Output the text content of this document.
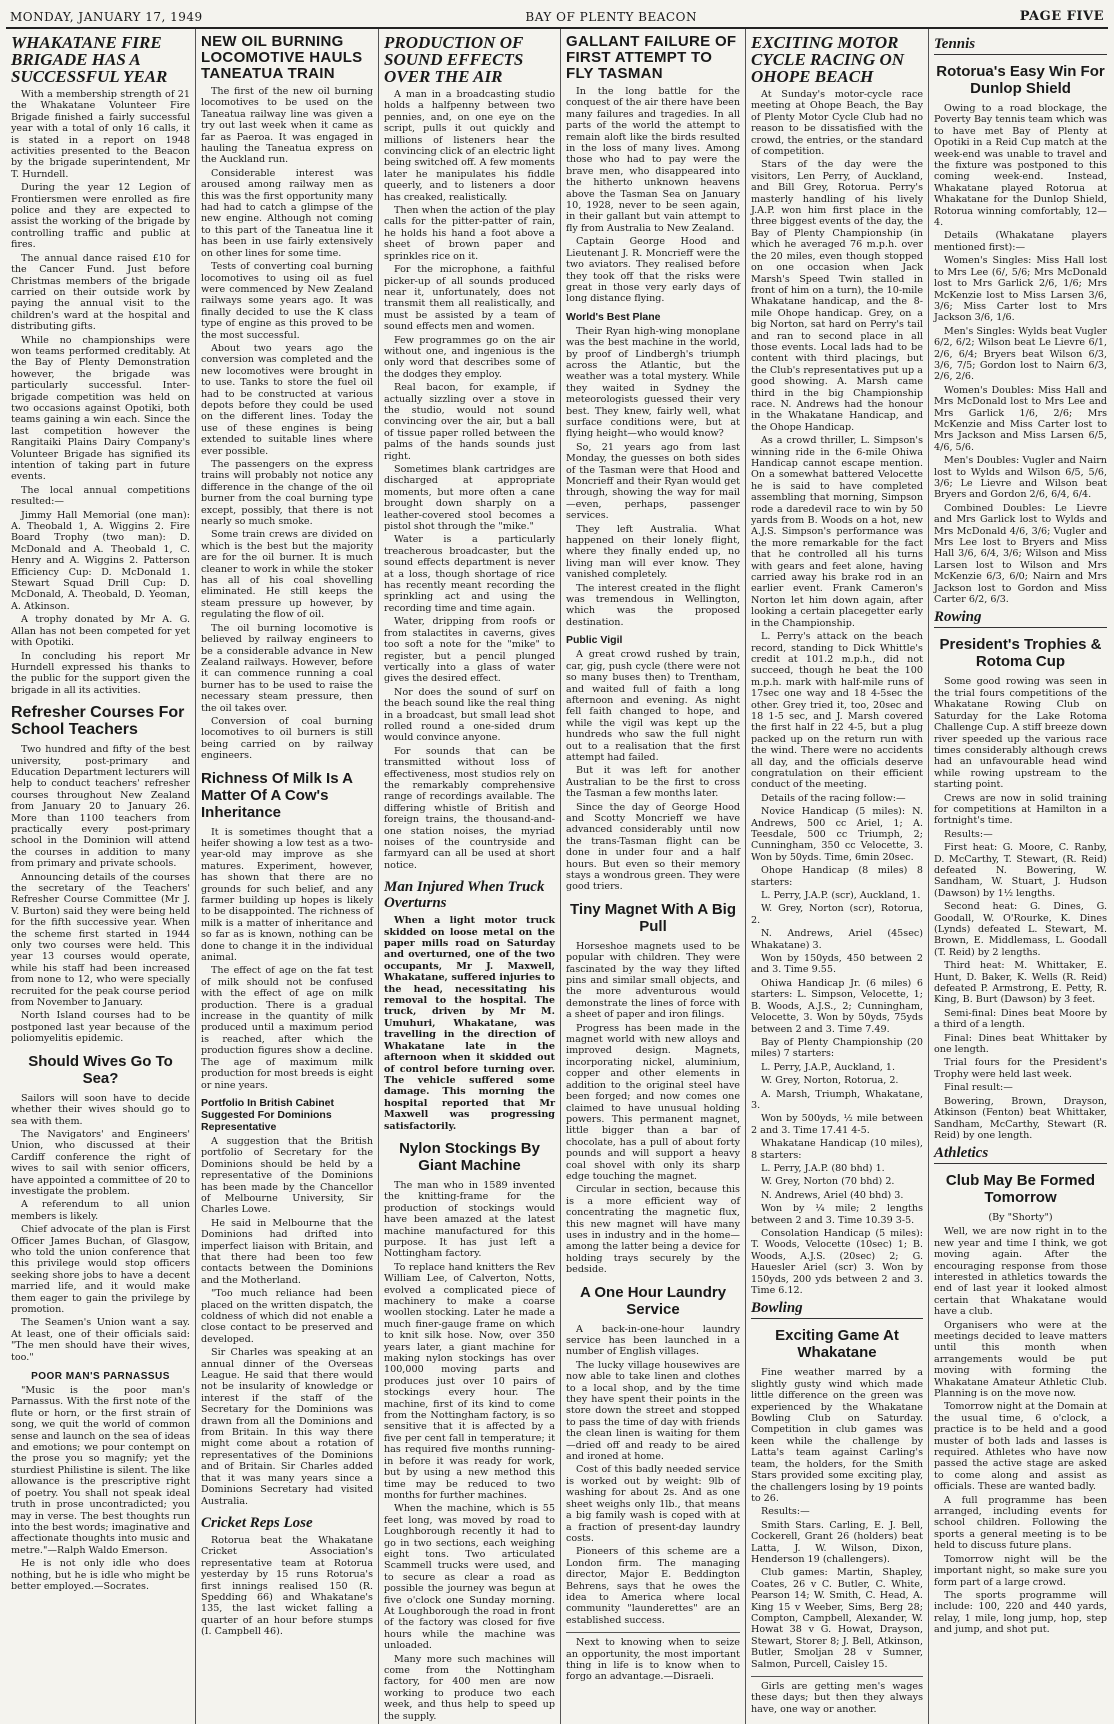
MONDAY, JANUARY 17, 1949	BAY OF PLENTY BEACON	PAGE FIVE
WHAKATANE FIRE BRIGADE HAS A SUCCESSFUL YEAR

With a membership strength of 21 the Whakatane Volunteer Fire Brigade finished a fairly successful year with a total of only 16 calls, it is stated in a report on 1948 activities presented to the Beacon by the brigade superintendent, Mr T. Hurndell.

During the year 12 Legion of Frontiersmen were enrolled as fire police and they are expected to assist the working of the brigade by controlling traffic and public at fires.

The annual dance raised £10 for the Cancer Fund. Just before Christmas members of the brigade carried on their outside work by paying the annual visit to the children's ward at the hospital and distributing gifts.

While no championships were won teams performed creditably. At the Bay of Plenty Demonstration however, the brigade was particularly successful. Inter-brigade competition was held on two occasions against Opotiki, both teams gaining a win each. Since the last competition however the Rangitaiki Plains Dairy Company's Volunteer Brigade has signified its intention of taking part in future events.

The local annual competitions resulted:—

Jimmy Hall Memorial (one man): A. Theobald 1, A. Wiggins 2. Fire Board Trophy (two man): D. McDonald and A. Theobald 1, C. Henry and A. Wiggins 2. Patterson Efficiency Cup: D. McDonald 1. Stewart Squad Drill Cup: D. McDonald, A. Theobald, D. Yeoman, A. Atkinson.

A trophy donated by Mr A. G. Allan has not been competed for yet with Opotiki.

In concluding his report Mr Hurndell expressed his thanks to the public for the support given the brigade in all its activities.

Refresher Courses For School Teachers

Two hundred and fifty of the best university, post-primary and Education Department lecturers will help to conduct teachers' refresher courses throughout New Zealand from January 20 to January 26. More than 1100 teachers from practically every post-primary school in the Dominion will attend the courses in addition to many from primary and private schools.

Announcing details of the courses the secretary of the Teachers' Refresher Course Committee (Mr J. V. Burton) said they were being held for the fifth successive year. When the scheme first started in 1944 only two courses were held. This year 13 courses would operate, while his staff had been increased from none to 12, who were specially recruited for the peak course period from November to January.

North Island courses had to be postponed last year because of the poliomyelitis epidemic.

Should Wives Go To Sea?

Sailors will soon have to decide whether their wives should go to sea with them.

The Navigators' and Engineers' Union, who discussed at their Cardiff conference the right of wives to sail with senior officers, have appointed a committee of 20 to investigate the problem.

A referendum to all union members is likely.

Chief advocate of the plan is First Officer James Buchan, of Glasgow, who told the union conference that this privilege would stop officers seeking shore jobs to have a decent married life, and it would make them eager to gain the privilege by promotion.

The Seamen's Union want a say. At least, one of their officials said: "The men should have their wives, too."

POOR MAN'S PARNASSUS

"Music is the poor man's Parnassus. With the first note of the flute or horn, or the first strain of song, we quit the world of common sense and launch on the sea of ideas and emotions; we pour contempt on the prose you so magnify; yet the sturdiest Philistine is silent. The like allowance is the prescriptive right of poetry. You shall not speak ideal truth in prose uncontradicted; you may in verse. The best thoughts run into the best words; imaginative and affectionate thoughts into music and metre."—Ralph Waldo Emerson.

He is not only idle who does nothing, but he is idle who might be better employed.—Socrates.

NEW OIL BURNING LOCOMOTIVE HAULS TANEATUA TRAIN

The first of the new oil burning locomotives to be used on the Taneatua railway line was given a try out last week when it came as far as Paeroa. It was engaged in hauling the Taneatua express on the Auckland run.

Considerable interest was aroused among railway men as this was the first opportunity many had had to catch a glimpse of the new engine. Although not coming to this part of the Taneatua line it has been in use fairly extensively on other lines for some time.

Tests of converting coal burning locomotives to using oil as fuel were commenced by New Zealand railways some years ago. It was finally decided to use the K class type of engine as this proved to be the most successful.

About two years ago the conversion was completed and the new locomotives were brought in to use. Tanks to store the fuel oil had to be constructed at various depots before they could be used on the different lines. Today the use of these engines is being extended to suitable lines where ever possible.

The passengers on the express trains will probably not notice any difference in the change of the oil burner from the coal burning type except, possibly, that there is not nearly so much smoke.

Some train crews are divided on which is the best but the majority are for the oil burner. It is much cleaner to work in while the stoker has all of his coal shovelling eliminated. He still keeps the steam pressure up however, by regulating the flow of oil.

The oil burning locomotive is believed by railway engineers to be a considerable advance in New Zealand railways. However, before it can commence running a coal burner has to be used to raise the necessary steam pressure, then the oil takes over.

Conversion of coal burning locomotives to oil burners is still being carried on by railway engineers.

Richness Of Milk Is A Matter Of A Cow's Inheritance

It is sometimes thought that a heifer showing a low test as a two-year-old may improve as she matures. Experiment, however, has shown that there are no grounds for such belief, and any farmer building up hopes is likely to be disappointed. The richness of milk is a matter of inheritance and so far as is known, nothing can be done to change it in the individual animal.

The effect of age on the fat test of milk should not be confused with the effect of age on milk production. There is a gradual increase in the quantity of milk produced until a maximum period is reached, after which the production figures show a decline. The age of maximum milk production for most breeds is eight or nine years.

Portfolio In British Cabinet Suggested For Dominions Representative

A suggestion that the British portfolio of Secretary for the Dominions should be held by a representative of the Dominions has been made by the Chancellor of Melbourne University, Sir Charles Lowe.

He said in Melbourne that the Dominions had drifted into imperfect liaison with Britain, and that there had been too few contacts between the Dominions and the Motherland.

"Too much reliance had been placed on the written dispatch, the coldness of which did not enable a close contact to be preserved and developed.

Sir Charles was speaking at an annual dinner of the Overseas League. He said that there would not be insularity of knowledge or interest if the staff of the Secretary for the Dominions was drawn from all the Dominions and from Britain. In this way there might come about a rotation of representatives of the Dominions and of Britain. Sir Charles added that it was many years since a Dominions Secretary had visited Australia.

Cricket Reps Lose

Rotorua beat the Whakatane Cricket Association's representative team at Rotorua yesterday by 15 runs Rotorua's first innings realised 150 (R. Spedding 66) and Whakatane's 135, the last wicket falling a quarter of an hour before stumps (I. Campbell 46).

PRODUCTION OF SOUND EFFECTS OVER THE AIR

A man in a broadcasting studio holds a halfpenny between two pennies, and, on one eye on the script, pulls it out quickly and millions of listeners hear the convincing click of an electric light being switched off. A few moments later he manipulates his fiddle queerly, and to listeners a door has creaked, realistically.

Then when the action of the play calls for the pitter-patter of rain, he holds his hand a foot above a sheet of brown paper and sprinkles rice on it.

For the microphone, a faithful picker-up of all sounds produced near it, unfortunately, does not transmit them all realistically, and must be assisted by a team of sound effects men and women.

Few programmes go on the air without one, and ingenious is the only word that describes some of the dodges they employ.

Real bacon, for example, if actually sizzling over a stove in the studio, would not sound convincing over the air, but a ball of tissue paper rolled between the palms of the hands sounds just right.

Sometimes blank cartridges are discharged at appropriate moments, but more often a cane brought down sharply on a leather-covered stool becomes a pistol shot through the "mike."

Water is a particularly treacherous broadcaster, but the sound effects department is never at a loss, though shortage of rice has recently meant recording the sprinkling act and using the recording time and time again.

Water, dripping from roofs or from stalactites in caverns, gives too soft a note for the "mike" to register, but a pencil plunged vertically into a glass of water gives the desired effect.

Nor does the sound of surf on the beach sound like the real thing in a broadcast, but small lead shot rolled round a one-sided drum would convince anyone.

For sounds that can be transmitted without loss of effectiveness, most studios rely on the remarkably comprehensive range of recordings available. The differing whistle of British and foreign trains, the thousand-and-one station noises, the myriad noises of the countryside and farmyard can all be used at short notice.

Man Injured When Truck Overturns

When a light motor truck skidded on loose metal on the paper mills road on Saturday and overturned, one of the two occupants, Mr J. Maxwell, Whakatane, suffered injuries to the head, necessitating his removal to the hospital. The truck, driven by Mr M. Umuhuri, Whakatane, was travelling in the direction of Whakatane late in the afternoon when it skidded out of control before turning over. The vehicle suffered some damage. This morning the hospital reported that Mr Maxwell was progressing satisfactorily.

Nylon Stockings By Giant Machine

The man who in 1589 invented the knitting-frame for the production of stockings would have been amazed at the latest machine manufactured for this purpose. It has just left a Nottingham factory.

To replace hand knitters the Rev William Lee, of Calverton, Notts, evolved a complicated piece of machinery to make a coarse woollen stocking. Later he made a much finer-gauge frame on which to knit silk hose. Now, over 350 years later, a giant machine for making nylon stockings has over 100,000 moving parts and produces just over 10 pairs of stockings every hour. The machine, first of its kind to come from the Nottingham factory, is so sensitive that it is affected by a five per cent fall in temperature; it has required five months running-in before it was ready for work, but by using a new method this time may be reduced to two months for further machines.

When the machine, which is 55 feet long, was moved by road to Loughborough recently it had to go in two sections, each weighing eight tons. Two articulated Scammell trucks were used, and to secure as clear a road as possible the journey was begun at five o'clock one Sunday morning. At Loughborough the road in front of the factory was closed for five hours while the machine was unloaded.

Many more such machines will come from the Nottingham factory, for 400 men are now working to produce two each week, and thus help to speed up the supply.

GALLANT FAILURE OF FIRST ATTEMPT TO FLY TASMAN

In the long battle for the conquest of the air there have been many failures and tragedies. In all parts of the world the attempt to remain aloft like the birds resulted in the loss of many lives. Among those who had to pay were the brave men, who disappeared into the hitherto unknown heavens above the Tasman Sea on January 10, 1928, never to be seen again, in their gallant but vain attempt to fly from Australia to New Zealand.

Captain George Hood and Lieutenant J. R. Moncrieff were the two aviators. They realised before they took off that the risks were great in those very early days of long distance flying.

World's Best Plane

Their Ryan high-wing monoplane was the best machine in the world, by proof of Lindbergh's triumph across the Atlantic, but the weather was a total mystery. While they waited in Sydney the meteorologists guessed their very best. They knew, fairly well, what surface conditions were, but at flying height—who would know?

So, 21 years ago from last Monday, the guesses on both sides of the Tasman were that Hood and Moncrieff and their Ryan would get through, showing the way for mail—even, perhaps, passenger services.

They left Australia. What happened on their lonely flight, where they finally ended up, no living man will ever know. They vanished completely.

The interest created in the flight was tremendous in Wellington, which was the proposed destination.

Public Vigil

A great crowd rushed by train, car, gig, push cycle (there were not so many buses then) to Trentham, and waited full of faith a long afternoon and evening. As night fell faith changed to hope, and while the vigil was kept up the hundreds who saw the full night out to a realisation that the first attempt had failed.

But it was left for another Australian to be the first to cross the Tasman a few months later.

Since the day of George Hood and Scotty Moncrieff we have advanced considerably until now the trans-Tasman flight can be done in under four and a half hours. But even so their memory stays a wondrous green. They were good triers.

Tiny Magnet With A Big Pull

Horseshoe magnets used to be popular with children. They were fascinated by the way they lifted pins and similar small objects, and the more adventurous would demonstrate the lines of force with a sheet of paper and iron filings.

Progress has been made in the magnet world with new alloys and improved design. Magnets, incorporating nickel, aluminium, copper and other elements in addition to the original steel have been forged; and now comes one claimed to have unusual holding powers. This permanent magnet, little bigger than a bar of chocolate, has a pull of about forty pounds and will support a heavy coal shovel with only its sharp edge touching the magnet.

Circular in section, because this is a more efficient way of concentrating the magnetic flux, this new magnet will have many uses in industry and in the home—among the latter being a device for holding trays securely by the bedside.

A One Hour Laundry Service

A back-in-one-hour laundry service has been launched in a number of English villages.

The lucky village housewives are now able to take linen and clothes to a local shop, and by the time they have spent their points in the store down the street and stopped to pass the time of day with friends the clean linen is waiting for them—dried off and ready to be aired and ironed at home.

Cost of this badly needed service is worked out by weight: 9lb of washing for about 2s. And as one sheet weighs only 1lb., that means a big family wash is coped with at a fraction of present-day laundry costs.

Pioneers of this scheme are a London firm. The managing director, Major E. Beddington Behrens, says that he owes the idea to America where local community "launderettes" are an established success.

Next to knowing when to seize an opportunity, the most important thing in life is to know when to forgo an advantage.—Disraeli.

EXCITING MOTOR CYCLE RACING ON OHOPE BEACH

At Sunday's motor-cycle race meeting at Ohope Beach, the Bay of Plenty Motor Cycle Club had no reason to be dissatisfied with the crowd, the entries, or the standard of competition.

Stars of the day were the visitors, Len Perry, of Auckland, and Bill Grey, Rotorua. Perry's masterly handling of his lively J.A.P. won him first place in the three biggest events of the day, the Bay of Plenty Championship (in which he averaged 76 m.p.h. over the 20 miles, even though stopped on one occasion when Jack Marsh's Speed Twin stalled in front of him on a turn), the 10-mile Whakatane handicap, and the 8-mile Ohope handicap. Grey, on a big Norton, sat hard on Perry's tail and ran to second place in all those events. Local lads had to be content with third placings, but the Club's representatives put up a good showing. A. Marsh came third in the big Championship race. N. Andrews had the honour in the Whakatane Handicap, and the Ohope Handicap.

As a crowd thriller, L. Simpson's winning ride in the 6-mile Ohiwa Handicap cannot escape mention. On a somewhat battered Velocette he is said to have completed assembling that morning, Simpson rode a daredevil race to win by 50 yards from B. Woods on a hot, new A.J.S. Simpson's performance was the more remarkable for the fact that he controlled all his turns with gears and feet alone, having carried away his brake rod in an earlier event. Frank Cameron's Norton let him down again, after looking a certain placegetter early in the Championship.

L. Perry's attack on the beach record, standing to Dick Whittle's credit at 101.2 m.p.h., did not succeed, though he beat the 100 m.p.h. mark with half-mile runs of 17sec one way and 18 4-5sec the other. Grey tried it, too, 20sec and 18 1-5 sec, and J. Marsh covered the first half in 22 4-5, but a plug packed up on the return run with the wind. There were no accidents all day, and the officials deserve congratulation on their efficient conduct of the meeting.

Details of the racing follow:—

Novice Handicap (5 miles): N. Andrews, 500 cc Ariel, 1; A. Teesdale, 500 cc Triumph, 2; Cunningham, 350 cc Velocette, 3. Won by 50yds. Time, 6min 20sec.

Ohope Handicap (8 miles) 8 starters:

L. Perry, J.A.P. (scr), Auckland, 1.

W. Grey, Norton (scr), Rotorua, 2.

N. Andrews, Ariel (45sec) Whakatane) 3.

Won by 150yds, 450 between 2 and 3. Time 9.55.

Ohiwa Handicap Jr. (6 miles) 6 starters: L. Simpson, Velocette, 1; B. Woods, A.J.S., 2; Cunningham, Velocette, 3. Won by 50yds, 75yds between 2 and 3. Time 7.49.

Bay of Plenty Championship (20 miles) 7 starters:

L. Perry, J.A.P., Auckland, 1.

W. Grey, Norton, Rotorua, 2.

A. Marsh, Triumph, Whakatane, 3.

Won by 500yds, ½ mile between 2 and 3. Time 17.41 4-5.

Whakatane Handicap (10 miles), 8 starters:

L. Perry, J.A.P. (80 bhd) 1.

W. Grey, Norton (70 bhd) 2.

N. Andrews, Ariel (40 bhd) 3.

Won by ¼ mile; 2 lengths between 2 and 3. Time 10.39 3-5.

Consolation Handicap (5 miles): T. Woods, Velocette (10sec) 1; B. Woods, A.J.S. (20sec) 2; G. Hauesler Ariel (scr) 3. Won by 150yds, 200 yds between 2 and 3. Time 6.12.

Bowling
Exciting Game At Whakatane

Fine weather marred by a slightly gusty wind which made little difference on the green was experienced by the Whakatane Bowling Club on Saturday. Competition in club games was keen while the challenge by Latta's team against Carling's team, the holders, for the Smith Stars provided some exciting play, the challengers losing by 19 points to 26.

Results:—

Smith Stars. Carling, E. J. Bell, Cockerell, Grant 26 (holders) beat Latta, J. W. Wilson, Dixon, Henderson 19 (challengers).

Club games: Martin, Shapley, Coates, 26 v C. Butler, C. White, Pearson 14; W. Smith, C. Head, A. King 15 v Weeber, Sims, Berg 28; Compton, Campbell, Alexander, W. Howat 38 v G. Howat, Drayson, Stewart, Storer 8; J. Bell, Atkinson, Butler, Smoljan 28 v Sumner, Salmon, Purcell, Caisley 15.

Girls are getting men's wages these days; but then they always have, one way or another.

Tennis
Rotorua's Easy Win For Dunlop Shield

Owing to a road blockage, the Poverty Bay tennis team which was to have met Bay of Plenty at Opotiki in a Reid Cup match at the week-end was unable to travel and the fixture was postponed to this coming week-end. Instead, Whakatane played Rotorua at Whakatane for the Dunlop Shield, Rotorua winning comfortably, 12—4.

Details (Whakatane players mentioned first):—

Women's Singles: Miss Hall lost to Mrs Lee (6/, 5/6; Mrs McDonald lost to Mrs Garlick 2/6, 1/6; Mrs McKenzie lost to Miss Larsen 3/6, 3/6; Miss Carter lost to Mrs Jackson 3/6, 1/6.

Men's Singles: Wylds beat Vugler 6/2, 6/2; Wilson beat Le Lievre 6/1, 2/6, 6/4; Bryers beat Wilson 6/3, 3/6, 7/5; Gordon lost to Nairn 6/3, 2/6, 2/6.

Women's Doubles: Miss Hall and Mrs McDonald lost to Mrs Lee and Mrs Garlick 1/6, 2/6; Mrs McKenzie and Miss Carter lost to Mrs Jackson and Miss Larsen 6/5, 4/6, 5/6.

Men's Doubles: Vugler and Nairn lost to Wylds and Wilson 6/5, 5/6, 3/6; Le Lievre and Wilson beat Bryers and Gordon 2/6, 6/4, 6/4.

Combined Doubles: Le Lievre and Mrs Garlick lost to Wylds and Mrs McDonald 4/6, 3/6; Vugler and Mrs Lee lost to Bryers and Miss Hall 3/6, 6/4, 3/6; Wilson and Miss Larsen lost to Wilson and Mrs McKenzie 6/3, 6/0; Nairn and Mrs Jackson lost to Gordon and Miss Carter 6/2, 6/3.

Rowing
President's Trophies & Rotoma Cup

Some good rowing was seen in the trial fours competitions of the Whakatane Rowing Club on Saturday for the Lake Rotoma Challenge Cup. A stiff breeze down river speeded up the various race times considerably although crews had an unfavourable head wind while rowing upstream to the starting point.

Crews are now in solid training for competitions at Hamilton in a fortnight's time.

Results:—

First heat: G. Moore, C. Ranby, D. McCarthy, T. Stewart, (R. Reid) defeated N. Bowering, W. Sandham, W. Stuart, J. Hudson (Dawson) by 1½ lengths.

Second heat: G. Dines, G. Goodall, W. O'Rourke, K. Dines (Lynds) defeated L. Stewart, M. Brown, E. Middlemass, L. Goodall (T. Reid) by 2 lengths.

Third heat: M. Whittaker, E. Hunt, D. Baker, K. Wells (R. Reid) defeated P. Armstrong, E. Petty, R. King, B. Burt (Dawson) by 3 feet.

Semi-final: Dines beat Moore by a third of a length.

Final: Dines beat Whittaker by one length.

Trial fours for the President's Trophy were held last week.

Final result:—

Bowering, Brown, Drayson, Atkinson (Fenton) beat Whittaker, Sandham, McCarthy, Stewart (R. Reid) by one length.

Athletics
Club May Be Formed Tomorrow
(By "Shorty")

Well, we are now right in to the new year and time I think, we got moving again. After the encouraging response from those interested in athletics towards the end of last year it looked almost certain that Whakatane would have a club.

Organisers who were at the meetings decided to leave matters until this month when arrangements would be put moving with forming the Whakatane Amateur Athletic Club. Planning is on the move now.

Tomorrow night at the Domain at the usual time, 6 o'clock, a practice is to be held and a good muster of both lads and lasses is required. Athletes who have now passed the active stage are asked to come along and assist as officials. These are wanted badly.

A full programme has been arranged, including events for school children. Following the sports a general meeting is to be held to discuss future plans.

Tomorrow night will be the important night, so make sure you form part of a large crowd.

The sports programme will include: 100, 220 and 440 yards, relay, 1 mile, long jump, hop, step and jump, and shot put.
